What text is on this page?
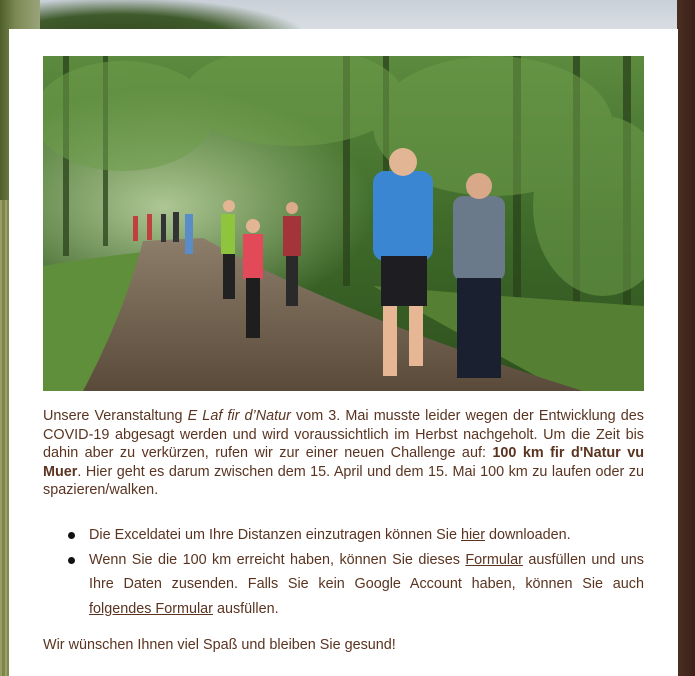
Unsere Veranstaltung E Laf fir d’Natur vom 3. Mai musste leider wegen der Entwicklung des COVID-19 abgesagt werden und wird voraussichtlich im Herbst nachgeholt. Um die Zeit bis dahin aber zu verkürzen, rufen wir zur einer neuen Challenge auf: 100 km fir d'Natur vu Muer. Hier geht es darum zwischen dem 15. April und dem 15. Mai 100 km zu laufen oder zu spazieren/walken.

Die Exceldatei um Ihre Distanzen einzutragen können Sie hier downloaden.
Wenn Sie die 100 km erreicht haben, können Sie dieses Formular ausfüllen und uns Ihre Daten zusenden. Falls Sie kein Google Account haben, können Sie auch folgendes Formular ausfüllen.

Wir wünschen Ihnen viel Spaß und bleiben Sie gesund!
